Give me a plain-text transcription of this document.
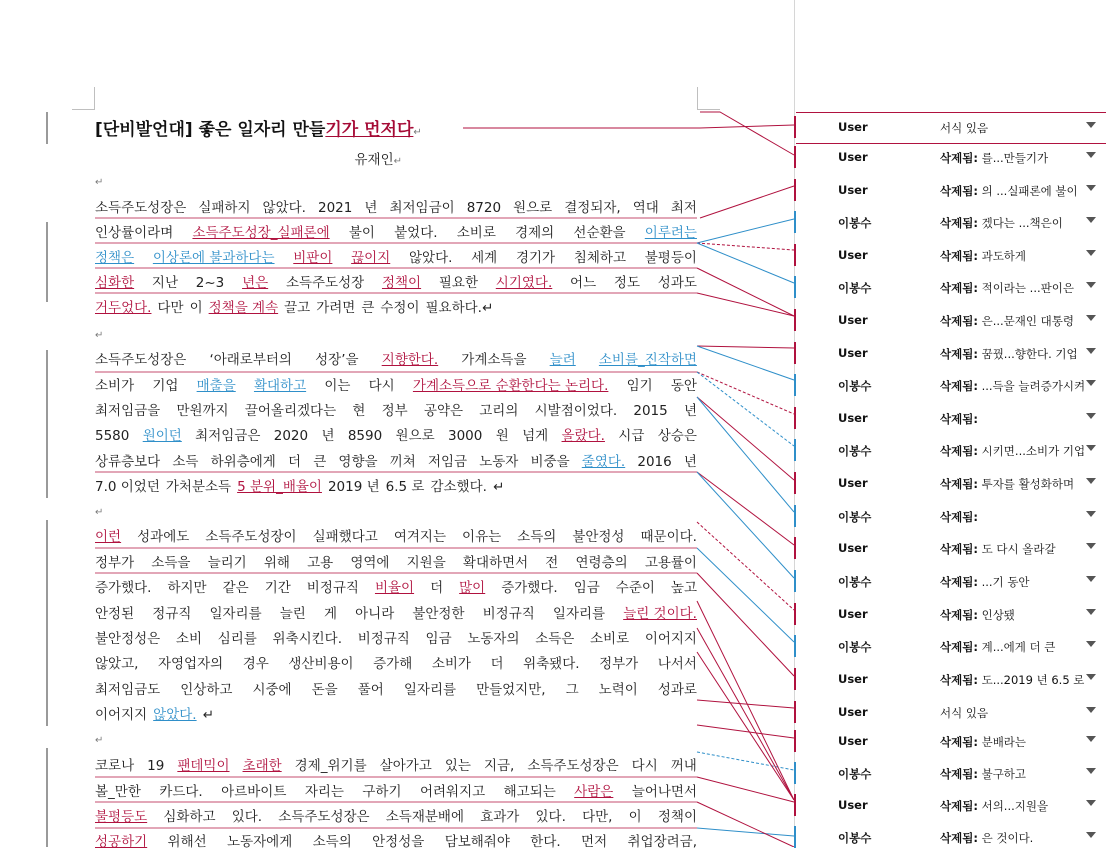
[단비발언대] 좋은 일자리 만들기가 먼저다↵
유재인↵
소득주도성장은 실패하지 않았다. 2021 년 최저임금이 8720 원으로 결정되자, 역대 최저
인상률이라며 소득주도성장_실패론에 불이 붙었다. 소비로 경제의 선순환을 이루려는
정책은 이상론에 불과하다는 비판이 끊이지 않았다. 세계 경기가 침체하고 불평등이
심화한 지난 2~3 년은 소득주도성장 정책이 필요한 시기였다. 어느 정도 성과도
거두었다. 다만 이 정책을 계속 끌고 가려면 큰 수정이 필요하다.↵
소득주도성장은 ‘아래로부터의 성장’을 지향한다. 가계소득을 늘려 소비를_진작하면
소비가 기업 매출을 확대하고 이는 다시 가계소득으로 순환한다는 논리다. 임기 동안
최저임금을 만원까지 끌어올리겠다는 현 정부 공약은 고리의 시발점이었다. 2015 년
5580 원이던 최저임금은 2020 년 8590 원으로 3000 원 넘게 올랐다. 시급 상승은
상류층보다 소득 하위층에게 더 큰 영향을 끼쳐 저임금 노동자 비중을 줄였다. 2016 년
7.0 이었던 가처분소득 5 분위_배율이 2019 년 6.5 로 감소했다. ↵
이런 성과에도 소득주도성장이 실패했다고 여겨지는 이유는 소득의 불안정성 때문이다.
정부가 소득을 늘리기 위해 고용 영역에 지원을 확대하면서 전 연령층의 고용률이
증가했다. 하지만 같은 기간 비정규직 비율이 더 많이 증가했다. 임금 수준이 높고
안정된 정규직 일자리를 늘린 게 아니라 불안정한 비정규직 일자리를 늘린 것이다.
불안정성은 소비 심리를 위축시킨다. 비정규직 임금 노동자의 소득은 소비로 이어지지
않았고, 자영업자의 경우 생산비용이 증가해 소비가 더 위축됐다. 정부가 나서서
최저임금도 인상하고 시중에 돈을 풀어 일자리를 만들었지만, 그 노력이 성과로
이어지지 않았다. ↵
코로나 19 팬데믹이 초래한 경제_위기를 살아가고 있는 지금, 소득주도성장은 다시 꺼내
볼_만한 카드다. 아르바이트 자리는 구하기 어려워지고 해고되는 사람은 늘어나면서
불평등도 심화하고 있다. 소득주도성장은 소득재분배에 효과가 있다. 다만, 이 정책이
성공하기 위해선 노동자에게 소득의 안정성을 담보해줘야 한다. 먼저 취업장려금,
↵
↵
↵
↵
User	서식 있음
User	삭제됨: 를...만들기가
User	삭제됨: 의 ...실패론에 불이
이봉수	삭제됨: 겠다는 ...책은이
User	삭제됨: 과도하게
이봉수	삭제됨: 적이라는 ...판이은
User	삭제됨: 은...문재인 대통령
User	삭제됨: 꿈꿨...향한다. 기업
이봉수	삭제됨: ...득을 늘려증가시켜
User	삭제됨:
이봉수	삭제됨: 시키면...소비가 기업
User	삭제됨: 투자를 활성화하며
이봉수	삭제됨:
User	삭제됨: 도 다시 올라갈
이봉수	삭제됨: ...기 동안
User	삭제됨: 인상됐
이봉수	삭제됨: 계...에게 더 큰
User	삭제됨: 도...2019 년 6.5 로
User	서식 있음
User	삭제됨: 분배라는
이봉수	삭제됨: 불구하고
User	삭제됨: 서의...지원을
이봉수	삭제됨: 은 것이다.
